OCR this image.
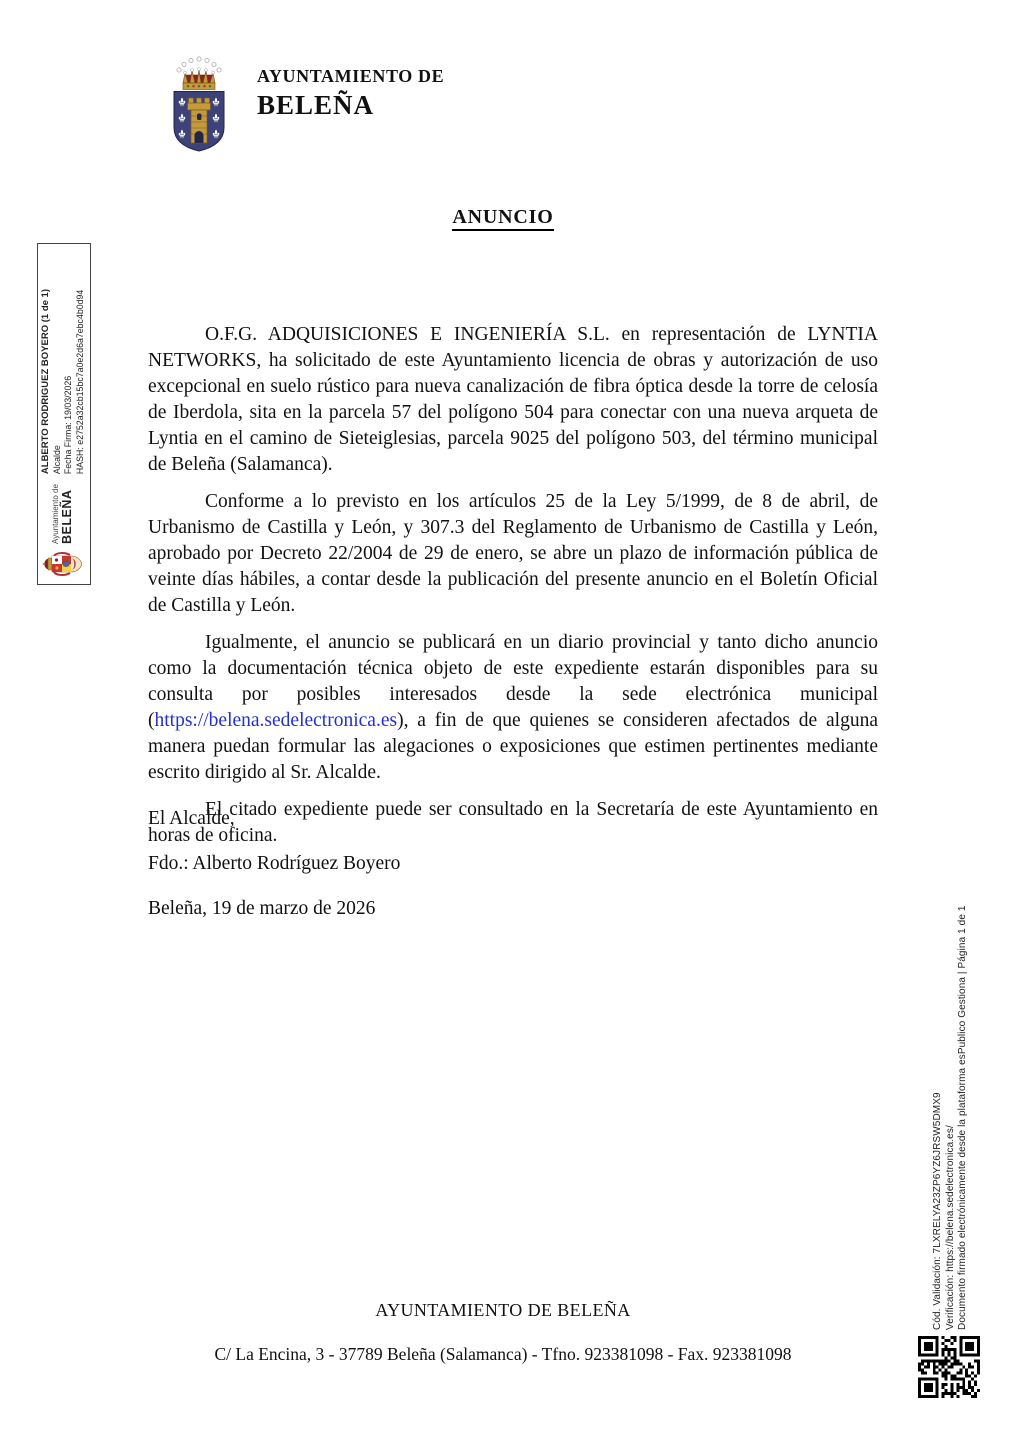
AYUNTAMIENTO DE
BELEÑA
ANUNCIO

O.F.G. ADQUISICIONES E INGENIERÍA S.L. en representación de LYNTIA NETWORKS, ha solicitado de este Ayuntamiento licencia de obras y autorización de uso excepcional en suelo rústico para nueva canalización de fibra óptica desde la torre de celosía de Iberdola, sita en la parcela 57 del polígono 504 para conectar con una nueva arqueta de Lyntia en el camino de Sieteiglesias, parcela 9025 del polígono 503, del término municipal de Beleña (Salamanca).

Conforme a lo previsto en los artículos 25 de la Ley 5/1999, de 8 de abril, de Urbanismo de Castilla y León, y 307.3 del Reglamento de Urbanismo de Castilla y León, aprobado por Decreto 22/2004 de 29 de enero, se abre un plazo de información pública de veinte días hábiles, a contar desde la publicación del presente anuncio en el Boletín Oficial de Castilla y León.

Igualmente, el anuncio se publicará en un diario provincial y tanto dicho anuncio como la documentación técnica objeto de este expediente estarán disponibles para su consulta por posibles interesados desde la sede electrónica municipal (https://belena.sedelectronica.es), a fin de que quienes se consideren afectados de alguna manera puedan formular las alegaciones o exposiciones que estimen pertinentes mediante escrito dirigido al Sr. Alcalde.

El citado expediente puede ser consultado en la Secretaría de este Ayuntamiento en horas de oficina.

El Alcalde,
Fdo.: Alberto Rodríguez Boyero
Beleña, 19 de marzo de 2026
AYUNTAMIENTO DE BELEÑA
C/ La Encina, 3 - 37789 Beleña (Salamanca) - Tfno. 923381098 - Fax. 923381098
Ayuntamiento de BELEÑA
ALBERTO RODRIGUEZ BOYERO (1 de 1) Alcalde Fecha Firma: 19/03/2026 HASH: e2752a32cb15bc7a0e2d6a7ebc4b0d94
Cód. Validación: 7LXRELYA23ZP6YZ6JRSW5DMX9 Verificación: https://belena.sedelectronica.es/ Documento firmado electrónicamente desde la plataforma esPublico Gestiona | Página 1 de 1
